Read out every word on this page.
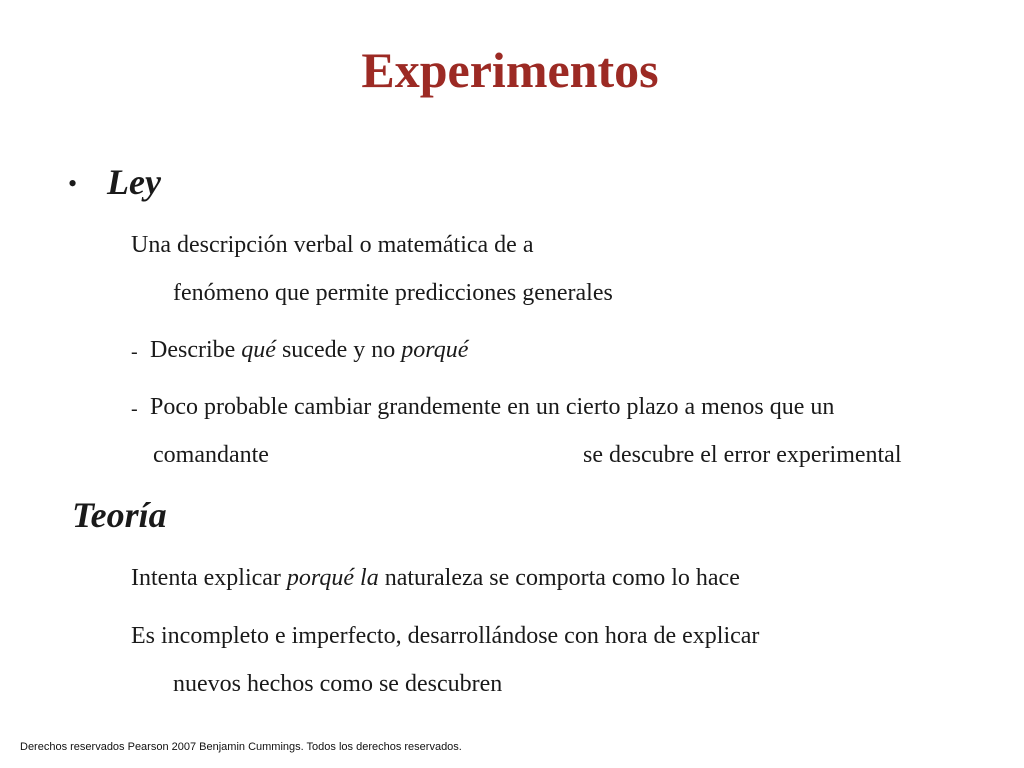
Experimentos
• Ley
Una descripción verbal o matemática de a
fenómeno que permite predicciones generales
- Describe qué sucede y no porqué
- Poco probable cambiar grandemente en un cierto plazo a menos que un
comandante	se descubre el error experimental
Teoría
Intenta explicar porqué la naturaleza se comporta como lo hace
Es incompleto e imperfecto, desarrollándose con hora de explicar
nuevos hechos como se descubren
Derechos reservados Pearson 2007 Benjamin Cummings. Todos los derechos reservados.
